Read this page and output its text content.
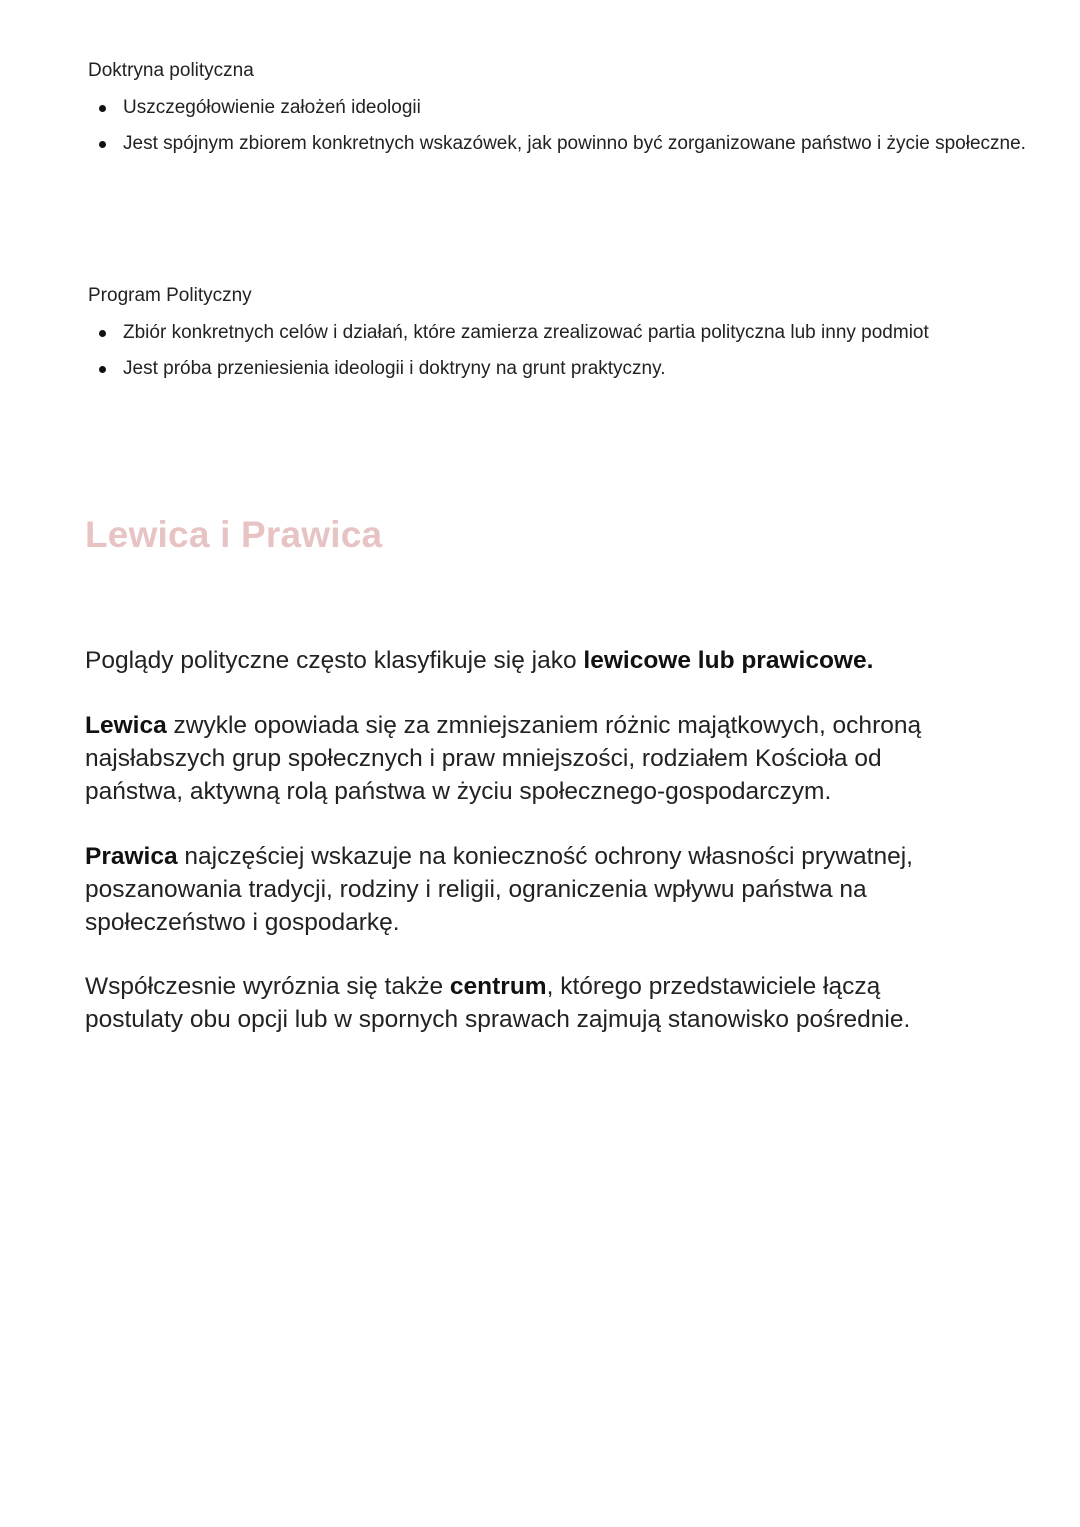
Doktryna polityczna
Uszczegółowienie założeń ideologii
Jest spójnym zbiorem konkretnych wskazówek, jak powinno być zorganizowane państwo i życie społeczne.
Program Polityczny
Zbiór konkretnych celów i działań, które zamierza zrealizować partia polityczna lub inny podmiot
Jest próba przeniesienia ideologii i doktryny na grunt praktyczny.
Lewica i Prawica

Poglądy polityczne często klasyfikuje się jako lewicowe lub prawicowe.

Lewica zwykle opowiada się za zmniejszaniem różnic majątkowych, ochroną najsłabszych grup społecznych i praw mniejszości, rodziałem Kościoła od państwa, aktywną rolą państwa w życiu społecznego-gospodarczym.

Prawica najczęściej wskazuje na konieczność ochrony własności prywatnej, poszanowania tradycji, rodziny i religii, ograniczenia wpływu państwa na społeczeństwo i gospodarkę.

Współczesnie wyróznia się także centrum, którego przedstawiciele łączą postulaty obu opcji lub w spornych sprawach zajmują stanowisko pośrednie.
